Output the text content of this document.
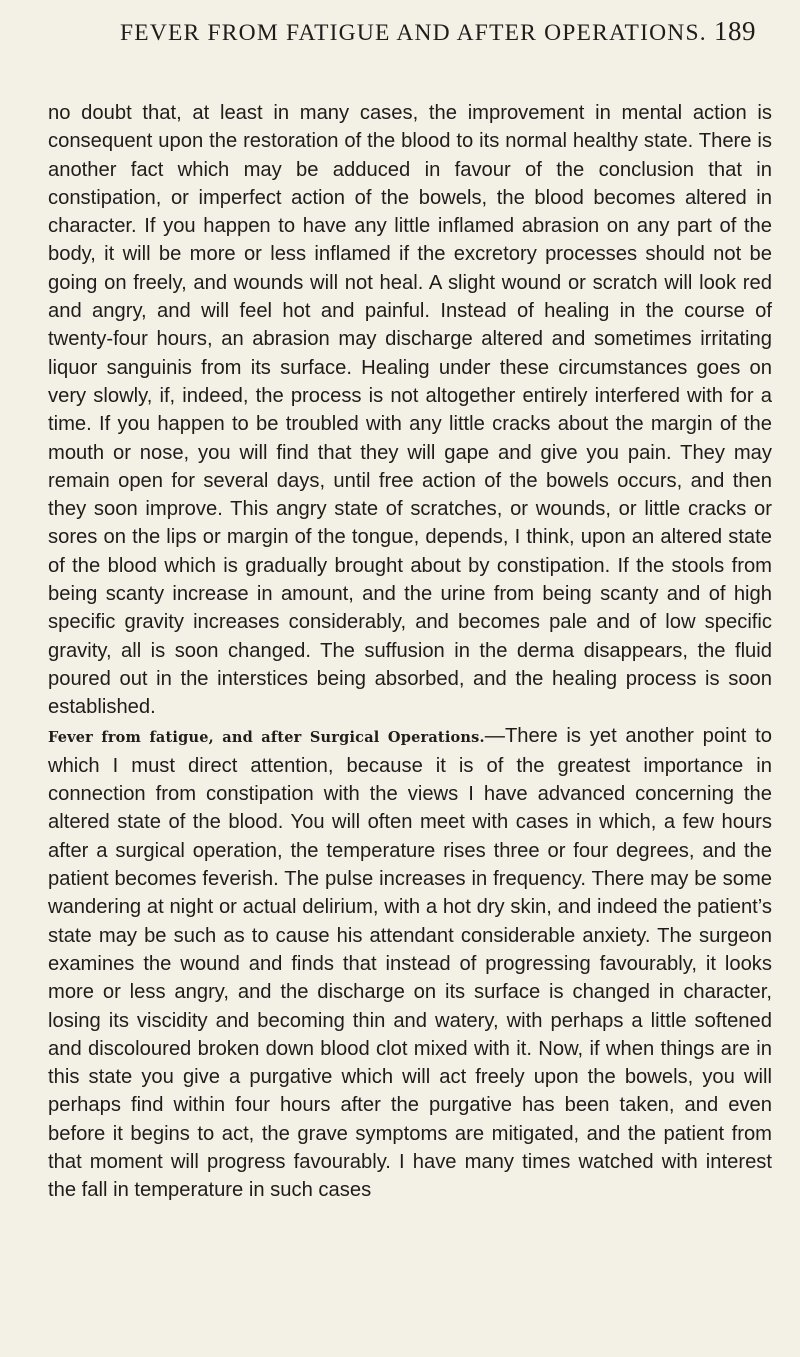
FEVER FROM FATIGUE AND AFTER OPERATIONS. 189

no doubt that, at least in many cases, the improvement in mental action is consequent upon the restoration of the blood to its normal healthy state. There is another fact which may be adduced in favour of the conclusion that in constipation, or imperfect action of the bowels, the blood becomes altered in character. If you happen to have any little inflamed abrasion on any part of the body, it will be more or less inflamed if the excretory processes should not be going on freely, and wounds will not heal. A slight wound or scratch will look red and angry, and will feel hot and painful. Instead of healing in the course of twenty-four hours, an abrasion may discharge altered and sometimes irritating liquor sanguinis from its surface. Healing under these circumstances goes on very slowly, if, indeed, the process is not altogether entirely interfered with for a time. If you happen to be troubled with any little cracks about the margin of the mouth or nose, you will find that they will gape and give you pain. They may remain open for several days, until free action of the bowels occurs, and then they soon improve. This angry state of scratches, or wounds, or little cracks or sores on the lips or margin of the tongue, depends, I think, upon an altered state of the blood which is gradually brought about by constipation. If the stools from being scanty increase in amount, and the urine from being scanty and of high specific gravity increases considerably, and becomes pale and of low specific gravity, all is soon changed. The suffusion in the derma disappears, the fluid poured out in the interstices being absorbed, and the healing process is soon established.

Fever from fatigue, and after Surgical Operations.—There is yet another point to which I must direct attention, because it is of the greatest importance in connection from constipation with the views I have advanced concerning the altered state of the blood. You will often meet with cases in which, a few hours after a surgical operation, the temperature rises three or four degrees, and the patient becomes feverish. The pulse increases in frequency. There may be some wandering at night or actual delirium, with a hot dry skin, and indeed the patient’s state may be such as to cause his attendant considerable anxiety. The surgeon examines the wound and finds that instead of progressing favourably, it looks more or less angry, and the discharge on its surface is changed in character, losing its viscidity and becoming thin and watery, with perhaps a little softened and discoloured broken down blood clot mixed with it. Now, if when things are in this state you give a purgative which will act freely upon the bowels, you will perhaps find within four hours after the purgative has been taken, and even before it begins to act, the grave symptoms are mitigated, and the patient from that moment will progress favourably. I have many times watched with interest the fall in temperature in such cases
